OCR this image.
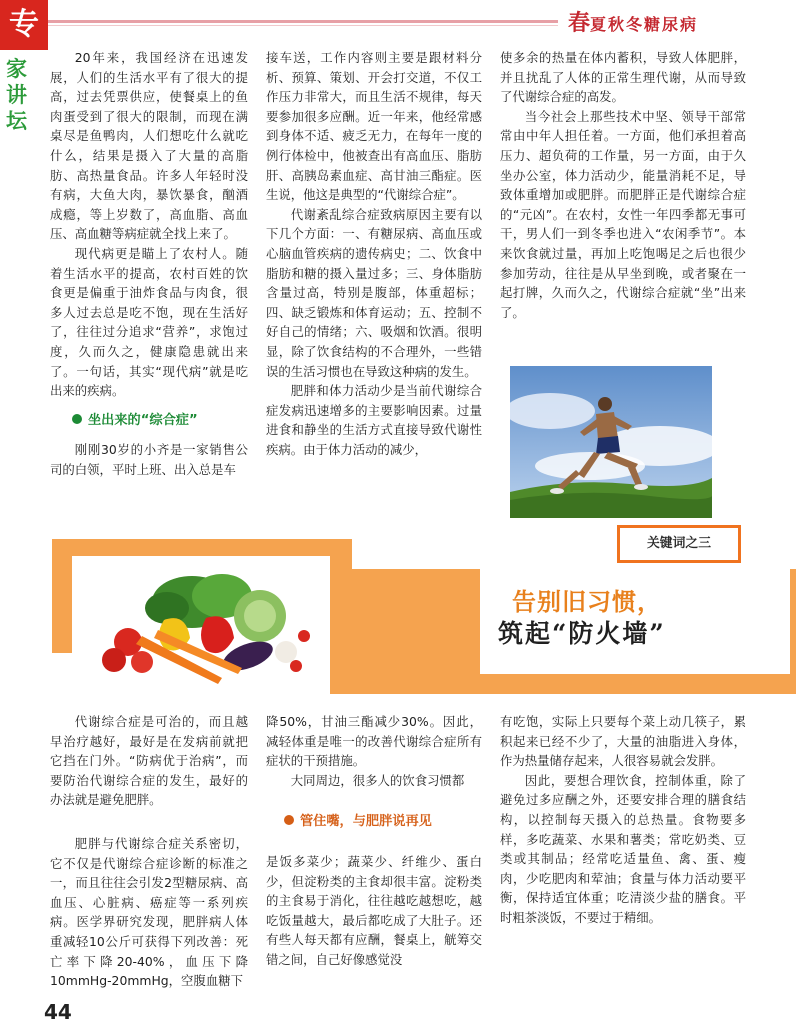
专	春夏秋冬糖尿病
家讲坛
20年来，我国经济在迅速发展，人们的生活水平有了很大的提高，过去凭票供应，使餐桌上的鱼肉蛋受到了很大的限制，而现在满桌尽是鱼鸭肉，人们想吃什么就吃什么，结果是摄入了大量的高脂肪、高热量食品。许多人年轻时没有病，大鱼大肉，暴饮暴食，酗酒成瘾，等上岁数了，高血脂、高血压、高血糖等病症就全找上来了。
现代病更是瞄上了农村人。随着生活水平的提高，农村百姓的饮食更是偏重于油炸食品与肉食，很多人过去总是吃不饱，现在生活好了，往往过分追求“营养”，求饱过度，久而久之，健康隐患就出来了。一句话，其实“现代病”就是吃出来的疾病。
坐出来的“综合症”
刚刚30岁的小齐是一家销售公司的白领，平时上班、出入总是车
接车送，工作内容则主要是跟材料分析、预算、策划、开会打交道，不仅工作压力非常大，而且生活不规律，每天要参加很多应酬。近一年来，他经常感到身体不适、疲乏无力，在每年一度的例行体检中，他被查出有高血压、脂肪肝、高胰岛素血症、高甘油三酯症。医生说，他这是典型的“代谢综合症”。
代谢紊乱综合症致病原因主要有以下几个方面：一、有糖尿病、高血压或心脑血管疾病的遗传病史；二、饮食中脂肪和糖的摄入量过多；三、身体脂肪含量过高，特别是腹部，体重超标；四、缺乏锻炼和体育运动；五、控制不好自己的情绪；六、吸烟和饮酒。很明显，除了饮食结构的不合理外，一些错误的生活习惯也在导致这种病的发生。
肥胖和体力活动少是当前代谢综合症发病迅速增多的主要影响因素。过量进食和静坐的生活方式直接导致代谢性疾病。由于体力活动的减少，
使多余的热量在体内蓄积，导致人体肥胖，并且扰乱了人体的正常生理代谢，从而导致了代谢综合症的高发。
当今社会上那些技术中坚、领导干部常常由中年人担任着。一方面，他们承担着高压力、超负荷的工作量，另一方面，由于久坐办公室，体力活动少，能量消耗不足，导致体重增加或肥胖。而肥胖正是代谢综合症的“元凶”。在农村，女性一年四季都无事可干，男人们一到冬季也进入“农闲季节”。本来饮食就过量，再加上吃饱喝足之后也很少参加劳动，往往是从早坐到晚，或者聚在一起打牌，久而久之，代谢综合症就“坐”出来了。
关键词之三
告别旧习惯，
筑起“防火墙”
代谢综合症是可治的，而且越早治疗越好，最好是在发病前就把它挡在门外。“防病优于治病”，而要防治代谢综合症的发生，最好的办法就是避免肥胖。
肥胖与代谢综合症关系密切，它不仅是代谢综合症诊断的标准之一，而且往往会引发2型糖尿病、高血压、心脏病、癌症等一系列疾病。医学界研究发现，肥胖病人体重减轻10公斤可获得下列改善：死亡率下降20-40%，血压下降10mmHg-20mmHg，空腹血糖下
降50%，甘油三酯减少30%。因此，减轻体重是唯一的改善代谢综合症所有症状的干预措施。
大同周边，很多人的饮食习惯都
管住嘴，与肥胖说再见
是饭多菜少；蔬菜少、纤维少、蛋白少，但淀粉类的主食却很丰富。淀粉类的主食易于消化，往往越吃越想吃，越吃饭量越大，最后都吃成了大肚子。还有些人每天都有应酬，餐桌上，觥筹交错之间，自己好像感觉没
有吃饱，实际上只要每个菜上动几筷子，累积起来已经不少了，大量的油脂进入身体，作为热量储存起来，人很容易就会发胖。
因此，要想合理饮食，控制体重，除了避免过多应酬之外，还要安排合理的膳食结构，以控制每天摄入的总热量。食物要多样，多吃蔬菜、水果和薯类；常吃奶类、豆类或其制品；经常吃适量鱼、禽、蛋、瘦肉，少吃肥肉和荤油；食量与体力活动要平衡，保持适宜体重；吃清淡少盐的膳食。平时粗茶淡饭，不要过于精细。
44
